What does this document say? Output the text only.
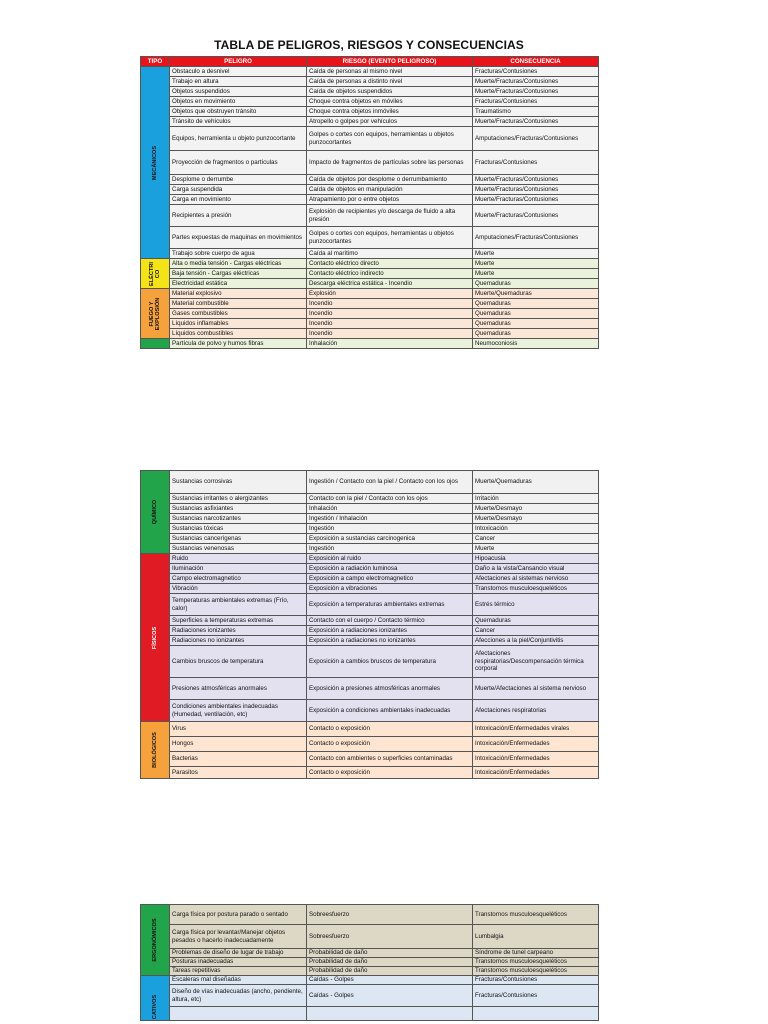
TABLA DE PELIGROS, RIESGOS Y CONSECUENCIAS
TIPO	PELIGRO	RIESGO (EVENTO PELIGROSO)	CONSECUENCIA

MECÁNICOS	Obstaculo a desnivel	Caída de personas al mismo nivel	Fracturas/Contusiones
	Trabajo en altura	Caída de personas a distinto nivel	Muerte/Fracturas/Contusiones
	Objetos suspendidos	Caída de objetos suspendidos	Muerte/Fracturas/Contusiones
	Objetos en movimiento	Choque contra objetos en móviles	Fracturas/Contusiones
	Objetos que obstruyen tránsito	Choque contra objetos inmóviles	Traumatismo
	Tránsito de vehículos	Atropello o golpes por vehículos	Muerte/Fracturas/Contusiones
	Equipos, herramienta u objeto punzocortante	Golpes o cortes con equipos, herramientas u objetos punzocortantes	Amputaciones/Fracturas/Contusiones
	Proyección de fragmentos o partículas	Impacto de fragmentos de partículas sobre las personas	Fracturas/Contusiones
	Desplome o derrumbe	Caída de objetos por desplome o derrumbamiento	Muerte/Fracturas/Contusiones
	Carga suspendida	Caída de objetos en manipulación	Muerte/Fracturas/Contusiones
	Carga en movimiento	Atrapamiento por o entre objetos	Muerte/Fracturas/Contusiones
	Recipientes a presión	Explosión de recipientes y/o descarga de fluido a alta presión	Muerte/Fracturas/Contusiones
	Partes expuestas de maquinas en movimientos	Golpes o cortes con equipos, herramientas u objetos punzocortantes	Amputaciones/Fracturas/Contusiones
	Trabajo sobre cuerpo de agua	Caída al marítimo	Muerte

ELÉCTRI CO	Alta o media tensión - Cargas eléctricas	Contacto eléctrico directo	Muerte
	Baja tensión - Cargas eléctricas	Contacto eléctrico indirecto	Muerte
	Electricidad estática	Descarga eléctrica estática - Incendio	Quemaduras

FUEGO Y EXPLOSIÓN	Material explosivo	Explosión	Muerte/Quemaduras
	Material combustible	Incendio	Quemaduras
	Gases combustibles	Incendio	Quemaduras
	Líquidos inflamables	Incendio	Quemaduras
	Líquidos combustibles	Incendio	Quemaduras
	Partícula de polvo y humos fibras	Inhalación	Neumoconiosis
QUÍMICO	Sustancias corrosivas	Ingestión / Contacto con la piel / Contacto con los ojos	Muerte/Quemaduras
	Sustancias irritantes o alergizantes	Contacto con la piel / Contacto con los ojos	Irritación
	Sustancias asfixiantes	Inhalación	Muerte/Desmayo
	Sustancias narcotizantes	Ingestión / Inhalación	Muerte/Desmayo
	Sustancias tóxicas	Ingestión	Intoxicación
	Sustancias cancerígenas	Exposición a sustancias carcinogenica	Cancer
	Sustancias venenosas	Ingestión	Muerte

FÍSICOS	Ruido	Exposición al ruido	Hipoacusia
	Iluminación	Exposición a radiación luminosa	Daño a la vista/Cansancio visual
	Campo electromagnetico	Exposición a campo electromagnetico	Afectaciones al sistemas nervioso
	Vibración	Exposición a vibraciones	Transtornos musculoesqueléticos
	Temperaturas ambientales extremas (Frío, calor)	Exposición a temperaturas ambientales extremas	Estrés térmico
	Superficies a temperaturas extremas	Contacto con el cuerpo / Contacto térmico	Quemaduras
	Radiaciones ionizantes	Exposición a radiaciones ionizantes	Cancer
	Radiaciones no ionizantes	Exposición a radiaciones no ionizantes	Afecciones a la piel/Conjuntivitis
	Cambios bruscos de temperatura	Exposición a cambios bruscos de temperatura	Afectaciones respiratorias/Descompensación térmica corporal
	Presiones atmosféricas anormales	Exposición a presiones atmosféricas anormales	Muerte/Afectaciones al sistema nervioso
	Condiciones ambientales inadecuadas (Humedad, ventilación, etc)	Exposición a condiciones ambientales inadecuadas	Afectaciones respiratorias

BIOLÓGICOS	Virus	Contacto o exposición	Intoxicación/Enfermedades virales
	Hongos	Contacto o exposición	Intoxicación/Enfermedades
	Bacterias	Contacto con ambientes o superficies contaminadas	Intoxicación/Enfermedades
	Parasitos	Contacto o exposición	Intoxicación/Enfermedades
ERGONÓMICOS	Carga física por postura parado o sentado	Sobreesfuerzo	Transtornos musculoesqueléticos
	Carga física por levantar/Manejar objetos pesados o hacerlo inadecuadamente	Sobreesfuerzo	Lumbalgia
	Problemas de diseño de lugar de trabajo	Probabilidad de daño	Síndrome de tunel carpeano
	Posturas inadecuadas	Probabilidad de daño	Transtornos musculoesqueléticos
	Tareas repetitivas	Probabilidad de daño	Transtornos musculoesqueléticos

CATIVOS	Escaleras mal diseñadas	Caídas - Golpes	Fracturas/Contusiones
	Diseño de vías inadecuadas (ancho, pendiente, altura, etc)	Caídas - Golpes	Fracturas/Contusiones
